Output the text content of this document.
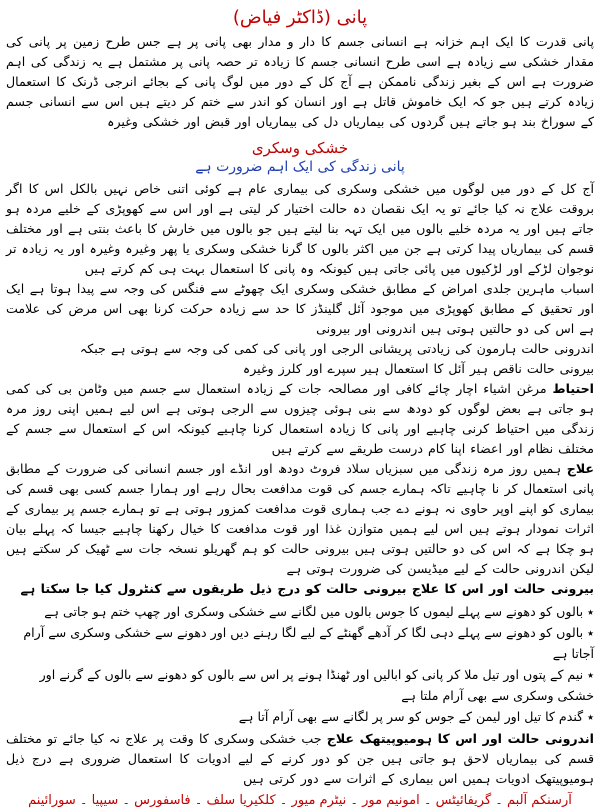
پانی (ڈاکٹر فیاض)

پانی قدرت کا ایک اہم خزانہ ہے انسانی جسم کا دار و مدار بھی پانی پر ہے جس طرح زمین پر پانی کی مقدار خشکی سے زیادہ ہے اسی طرح انسانی جسم کا زیادہ تر حصہ پانی پر مشتمل ہے یہ زندگی کی اہم ضرورت ہے اس کے بغیر زندگی ناممکن ہے آج کل کے دور میں لوگ پانی کے بجائے انرجی ڈرنک کا استعمال زیادہ کرتے ہیں جو کہ ایک خاموش قاتل ہے اور انسان کو اندر سے ختم کر دیتے ہیں اس سے انسانی جسم کے سوراخ بند ہو جاتے ہیں گردوں کی بیماریاں دل کی بیماریاں اور قبض اور خشکی وغیرہ

خشکی وسکری
پانی زندگی کی ایک اہم ضرورت ہے

آج کل کے دور میں لوگوں میں خشکی وسکری کی بیماری عام ہے کوئی اتنی خاص نہیں بالکل اس کا اگر بروقت علاج نہ کیا جائے تو یہ ایک نقصان دہ حالت اختیار کر لیتی ہے اور اس سے کھوپڑی کے خلیے مردہ ہو جاتے ہیں اور یہ مردہ خلیے بالوں میں ایک تہہ بنا لیتے ہیں جو بالوں میں خارش کا باعث بنتی ہے اور مختلف قسم کی بیماریاں پیدا کرتی ہے جن میں اکثر بالوں کا گرنا خشکی وسکری یا پھر وغیرہ وغیرہ اور یہ زیادہ تر نوجوان لڑکے اور لڑکیوں میں پائی جاتی ہیں کیونکہ وہ پانی کا استعمال بہت ہی کم کرتے ہیں

اسباب ماہرین جلدی امراض کے مطابق خشکی وسکری ایک چھوٹے سے فنگس کی وجہ سے پیدا ہوتا ہے ایک اور تحقیق کے مطابق کھوپڑی میں موجود آئل گلینڈز کا حد سے زیادہ حرکت کرنا بھی اس مرض کی علامت ہے اس کی دو حالتیں ہوتی ہیں اندرونی اور بیرونی

اندرونی حالت ہارمون کی زیادتی پریشانی الرجی اور پانی کی کمی کی وجہ سے ہوتی ہے جبکہ

بیرونی حالت ناقص ہیر آئل کا استعمال ہیر سپرے اور کلرز وغیرہ

احتیاط مرغن اشیاء اچار چائے کافی اور مصالحہ جات کے زیادہ استعمال سے جسم میں وٹامن بی کی کمی ہو جاتی ہے بعض لوگوں کو دودھ سے بنی ہوئی چیزوں سے الرجی ہوتی ہے اس لیے ہمیں اپنی روز مرہ زندگی میں احتیاط کرنی چاہیے اور پانی کا زیادہ استعمال کرنا چاہیے کیونکہ اس کے استعمال سے جسم کے مختلف نظام اور اعضاء اپنا کام درست طریقے سے کرتے ہیں

علاج ہمیں روز مرہ زندگی میں سبزیاں سلاد فروٹ دودھ اور انڈے اور جسم انسانی کی ضرورت کے مطابق پانی استعمال کر نا چاہیے تاکہ ہمارے جسم کی قوت مدافعت بحال رہے اور ہمارا جسم کسی بھی قسم کی بیماری کو اپنے اوپر حاوی نہ ہونے دے جب ہماری قوت مدافعت کمزور ہوتی ہے تو ہمارے جسم پر بیماری کے اثرات نمودار ہوتے ہیں اس لیے ہمیں متوازن غذا اور قوت مدافعت کا خیال رکھنا چاہیے جیسا کہ پہلے بیان ہو چکا ہے کہ اس کی دو حالتیں ہوتی ہیں بیرونی حالت کو ہم گھریلو نسخہ جات سے ٹھیک کر سکتے ہیں لیکن اندرونی حالت کے لیے میڈیسن کی ضرورت ہوتی ہے

بیرونی حالت اور اس کا علاج بیرونی حالت کو درج ذیل طریقوں سے کنٹرول کیا جا سکتا ہے

٭بالوں کو دھونے سے پہلے لیموں کا جوس بالوں میں لگانے سے خشکی وسکری اور چھپ ختم ہو جاتی ہے
٭بالوں کو دھونے سے پہلے دہی لگا کر آدھے گھنٹے کے لیے لگا رہنے دیں اور دھونے سے خشکی وسکری سے آرام آجاتا ہے
٭نیم کے پتوں اور تیل ملا کر پانی کو ابالیں اور ٹھنڈا ہونے پر اس سے بالوں کو دھونے سے بالوں کے گرنے اور خشکی وسکری سے بھی آرام ملتا ہے
٭گندم کا تیل اور لیمن کے جوس کو سر پر لگانے سے بھی آرام آتا ہے

اندرونی حالت اور اس کا ہومیوپیتھک علاج جب خشکی وسکری کا وقت پر علاج نہ کیا جائے تو مختلف قسم کی بیماریاں لاحق ہو جاتی ہیں جن کو دور کرنے کے لیے ادویات کا استعمال ضروری ہے درج ذیل ہومیوپیتھک ادویات ہمیں اس بیماری کے اثرات سے دور کرتی ہیں

آرسنکم آلبم ۔ گریفائیٹس ۔ امونیم مور ۔ نیٹرم میور ۔ کلکیریا سلف ۔ فاسفورس ۔ سیپیا ۔ سورائینم
